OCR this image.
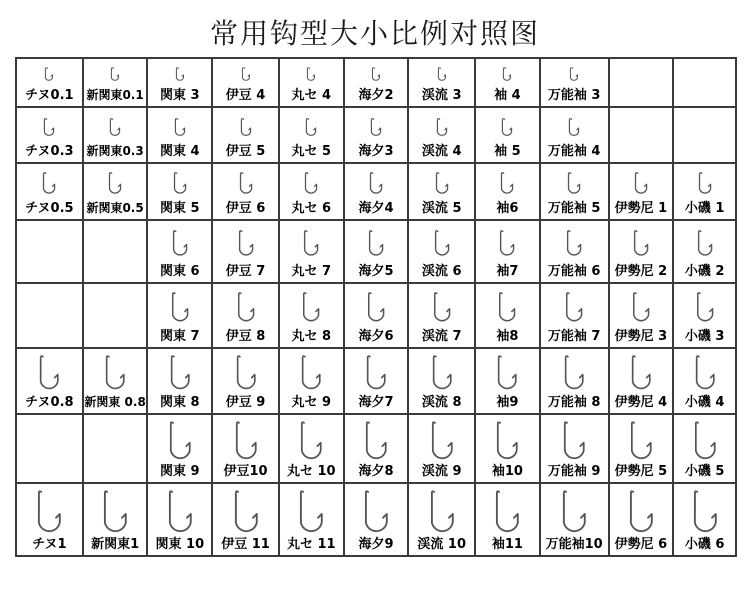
常用钩型大小比例对照图
チヌ0.1	新関東0.1	関東 3	伊豆 4	丸セ 4	海夕2	渓流 3	袖 4	万能袖 3		

チヌ0.3	新関東0.3	関東 4	伊豆 5	丸セ 5	海夕3	渓流 4	袖 5	万能袖 4		

チヌ0.5	新関東0.5	関東 5	伊豆 6	丸セ 6	海夕4	渓流 5	袖6	万能袖 5	伊勢尼 1	小磯 1

		関東 6	伊豆 7	丸セ 7	海夕5	渓流 6	袖7	万能袖 6	伊勢尼 2	小磯 2

		関東 7	伊豆 8	丸セ 8	海夕6	渓流 7	袖8	万能袖 7	伊勢尼 3	小磯 3

チヌ0.8	新関東 0.8	関東 8	伊豆 9	丸セ 9	海夕7	渓流 8	袖9	万能袖 8	伊勢尼 4	小磯 4

		関東 9	伊豆10	丸セ 10	海夕8	渓流 9	袖10	万能袖 9	伊勢尼 5	小磯 5

チヌ1	新関東1	関東 10	伊豆 11	丸セ 11	海夕9	渓流 10	袖11	万能袖10	伊勢尼 6	小磯 6
